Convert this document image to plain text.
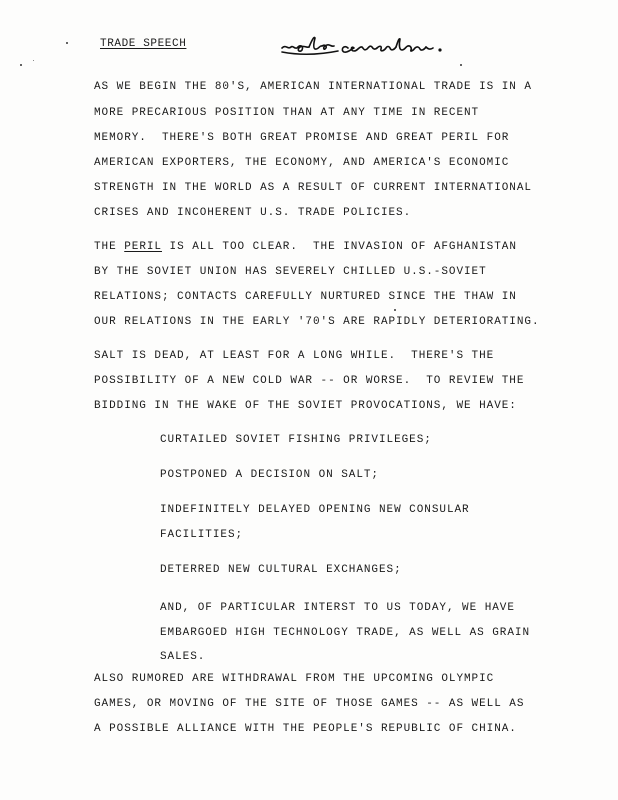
TRADE SPEECH
AS WE BEGIN THE 80'S, AMERICAN INTERNATIONAL TRADE IS IN A
MORE PRECARIOUS POSITION THAN AT ANY TIME IN RECENT
MEMORY.  THERE'S BOTH GREAT PROMISE AND GREAT PERIL FOR
AMERICAN EXPORTERS, THE ECONOMY, AND AMERICA'S ECONOMIC
STRENGTH IN THE WORLD AS A RESULT OF CURRENT INTERNATIONAL
CRISES AND INCOHERENT U.S. TRADE POLICIES.
THE PERIL IS ALL TOO CLEAR.  THE INVASION OF AFGHANISTAN
BY THE SOVIET UNION HAS SEVERELY CHILLED U.S.-SOVIET
RELATIONS; CONTACTS CAREFULLY NURTURED SINCE THE THAW IN
OUR RELATIONS IN THE EARLY '70'S ARE RAPIDLY DETERIORATING.
SALT IS DEAD, AT LEAST FOR A LONG WHILE.  THERE'S THE
POSSIBILITY OF A NEW COLD WAR -- OR WORSE.  TO REVIEW THE
BIDDING IN THE WAKE OF THE SOVIET PROVOCATIONS, WE HAVE:
CURTAILED SOVIET FISHING PRIVILEGES;
POSTPONED A DECISION ON SALT;
INDEFINITELY DELAYED OPENING NEW CONSULAR
FACILITIES;
DETERRED NEW CULTURAL EXCHANGES;
AND, OF PARTICULAR INTERST TO US TODAY, WE HAVE
EMBARGOED HIGH TECHNOLOGY TRADE, AS WELL AS GRAIN
SALES.
ALSO RUMORED ARE WITHDRAWAL FROM THE UPCOMING OLYMPIC
GAMES, OR MOVING OF THE SITE OF THOSE GAMES -- AS WELL AS
A POSSIBLE ALLIANCE WITH THE PEOPLE'S REPUBLIC OF CHINA.
